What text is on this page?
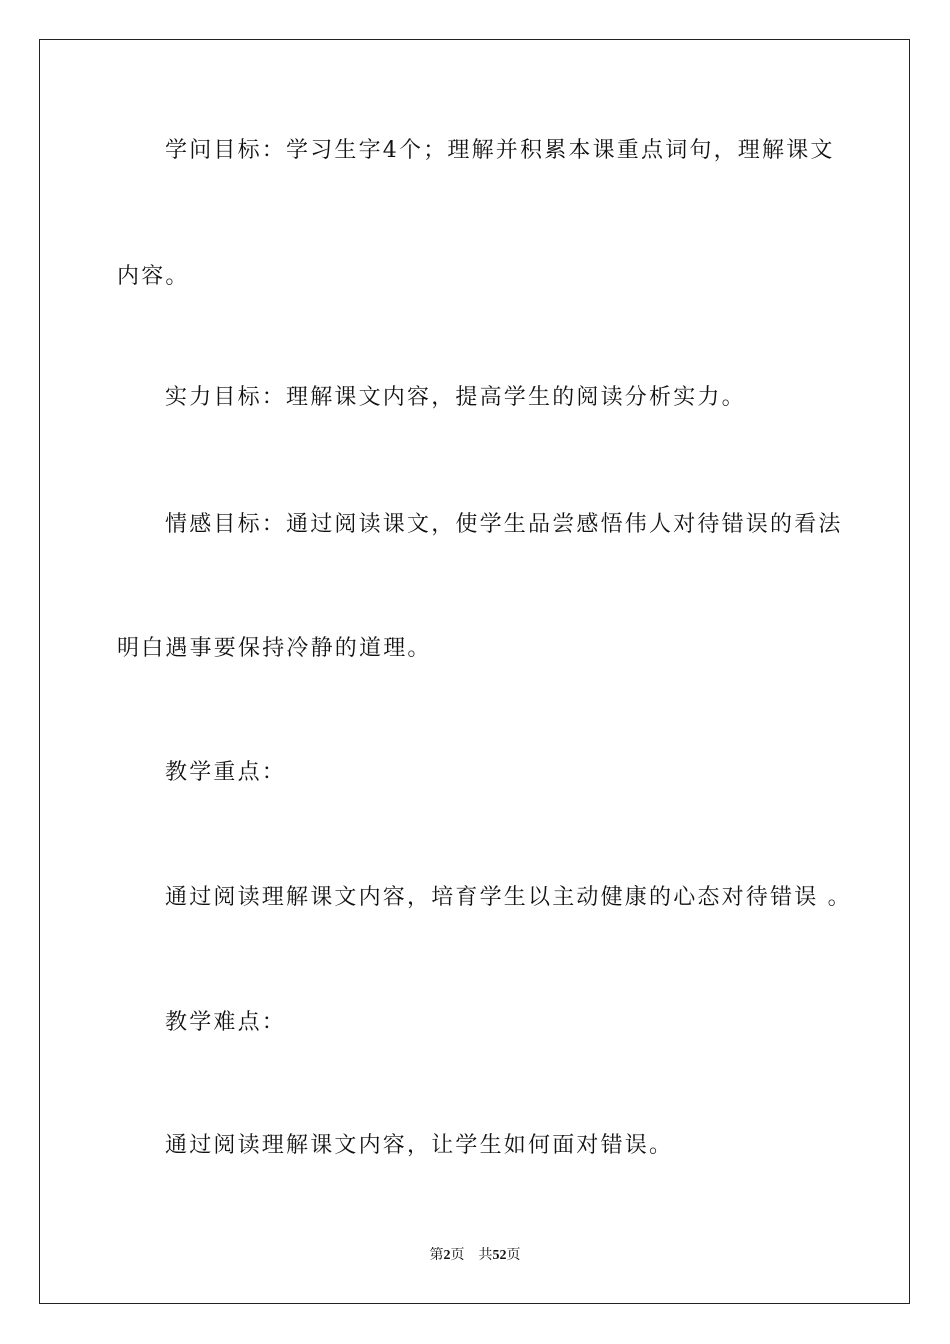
学问目标：学习生字4个；理解并积累本课重点词句，理解课文
内容。
实力目标：理解课文内容，提高学生的阅读分析实力。
情感目标：通过阅读课文，使学生品尝感悟伟人对待错误的看法
明白遇事要保持冷静的道理。
教学重点：
通过阅读理解课文内容，培育学生以主动健康的心态对待错误 。
教学难点：
通过阅读理解课文内容，让学生如何面对错误。
第2页 共52页
